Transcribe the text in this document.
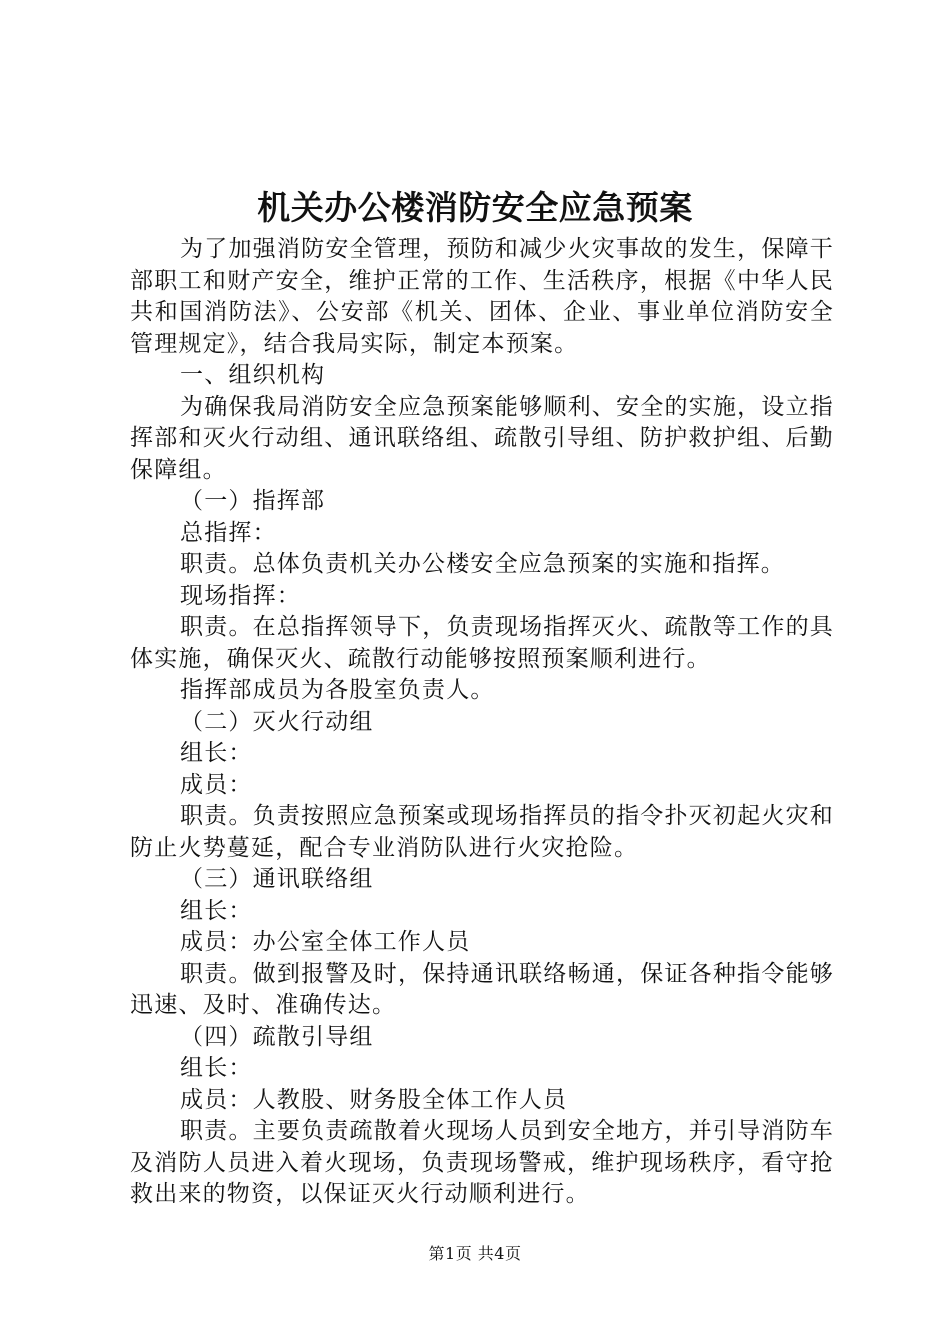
机关办公楼消防安全应急预案

为了加强消防安全管理，预防和减少火灾事故的发生，保障干部职工和财产安全，维护正常的工作、生活秩序，根据《中华人民共和国消防法》、公安部《机关、团体、企业、事业单位消防安全管理规定》，结合我局实际，制定本预案。

一、组织机构

为确保我局消防安全应急预案能够顺利、安全的实施，设立指挥部和灭火行动组、通讯联络组、疏散引导组、防护救护组、后勤保障组。

（一）指挥部

总指挥：

职责。总体负责机关办公楼安全应急预案的实施和指挥。

现场指挥：

职责。在总指挥领导下，负责现场指挥灭火、疏散等工作的具体实施，确保灭火、疏散行动能够按照预案顺利进行。

指挥部成员为各股室负责人。

（二）灭火行动组

组长：

成员：

职责。负责按照应急预案或现场指挥员的指令扑灭初起火灾和防止火势蔓延，配合专业消防队进行火灾抢险。

（三）通讯联络组

组长：

成员：办公室全体工作人员

职责。做到报警及时，保持通讯联络畅通，保证各种指令能够迅速、及时、准确传达。

（四）疏散引导组

组长：

成员：人教股、财务股全体工作人员

职责。主要负责疏散着火现场人员到安全地方，并引导消防车及消防人员进入着火现场，负责现场警戒，维护现场秩序，看守抢救出来的物资，以保证灭火行动顺利进行。

第1页 共4页
